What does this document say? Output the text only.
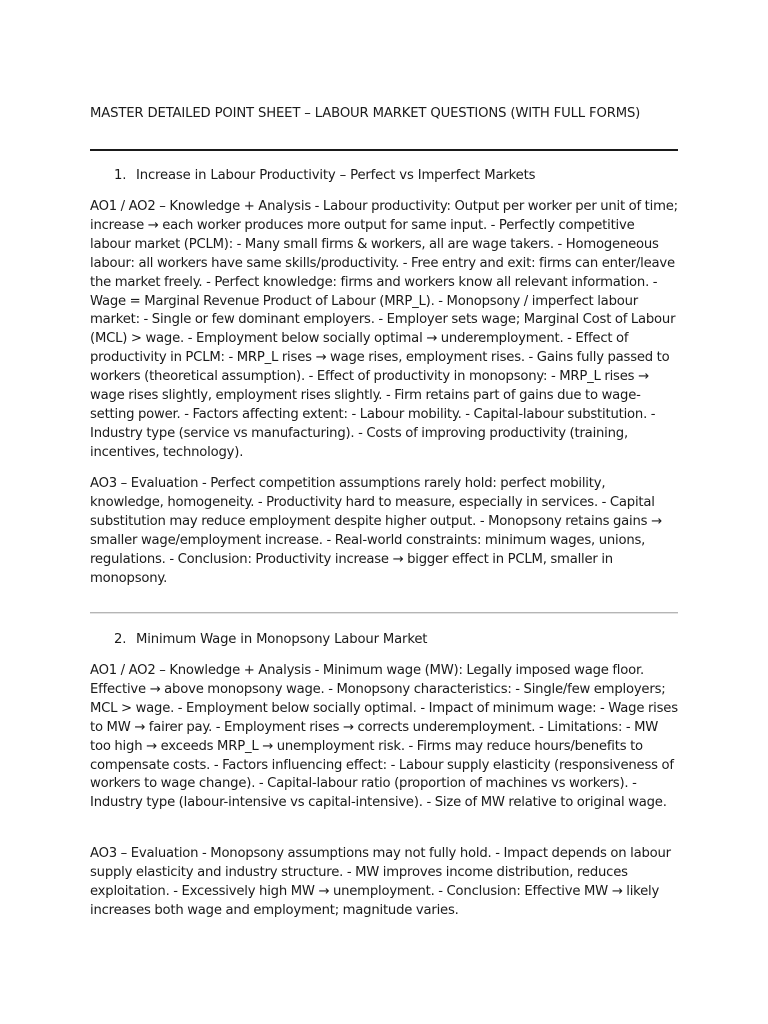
MASTER DETAILED POINT SHEET – LABOUR MARKET QUESTIONS (WITH FULL FORMS)
1. Increase in Labour Productivity – Perfect vs Imperfect Markets

AO1 / AO2 – Knowledge + Analysis - Labour productivity: Output per worker per unit of time; increase → each worker produces more output for same input. - Perfectly competitive labour market (PCLM): - Many small firms & workers, all are wage takers. - Homogeneous labour: all workers have same skills/productivity. - Free entry and exit: firms can enter/leave the market freely. - Perfect knowledge: firms and workers know all relevant information. - Wage = Marginal Revenue Product of Labour (MRP_L). - Monopsony / imperfect labour market: - Single or few dominant employers. - Employer sets wage; Marginal Cost of Labour (MCL) > wage. - Employment below socially optimal → underemployment. - Effect of productivity in PCLM: - MRP_L rises → wage rises, employment rises. - Gains fully passed to workers (theoretical assumption). - Effect of productivity in monopsony: - MRP_L rises → wage rises slightly, employment rises slightly. - Firm retains part of gains due to wage-setting power. - Factors affecting extent: - Labour mobility. - Capital-labour substitution. - Industry type (service vs manufacturing). - Costs of improving productivity (training, incentives, technology).

AO3 – Evaluation - Perfect competition assumptions rarely hold: perfect mobility, knowledge, homogeneity. - Productivity hard to measure, especially in services. - Capital substitution may reduce employment despite higher output. - Monopsony retains gains → smaller wage/employment increase. - Real-world constraints: minimum wages, unions, regulations. - Conclusion: Productivity increase → bigger effect in PCLM, smaller in monopsony.

2. Minimum Wage in Monopsony Labour Market

AO1 / AO2 – Knowledge + Analysis - Minimum wage (MW): Legally imposed wage floor. Effective → above monopsony wage. - Monopsony characteristics: - Single/few employers; MCL > wage. - Employment below socially optimal. - Impact of minimum wage: - Wage rises to MW → fairer pay. - Employment rises → corrects underemployment. - Limitations: - MW too high → exceeds MRP_L → unemployment risk. - Firms may reduce hours/benefits to compensate costs. - Factors influencing effect: - Labour supply elasticity (responsiveness of workers to wage change). - Capital-labour ratio (proportion of machines vs workers). - Industry type (labour-intensive vs capital-intensive). - Size of MW relative to original wage.

AO3 – Evaluation - Monopsony assumptions may not fully hold. - Impact depends on labour supply elasticity and industry structure. - MW improves income distribution, reduces exploitation. - Excessively high MW → unemployment. - Conclusion: Effective MW → likely increases both wage and employment; magnitude varies.
